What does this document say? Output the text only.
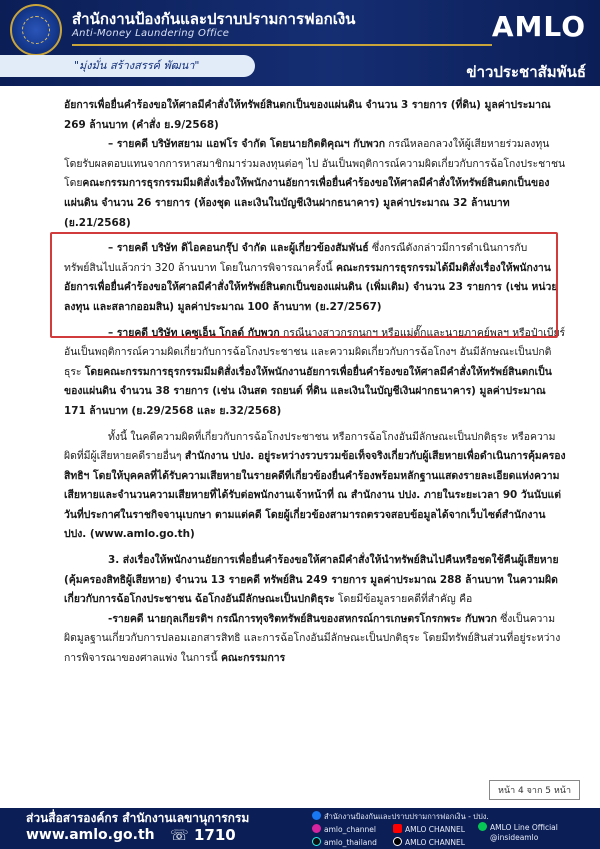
สำนักงานป้องกันและปราบปรามการฟอกเงิน
Anti-Money Laundering Office	AMLO
"มุ่งมั่น สร้างสรรค์ พัฒนา"	ข่าวประชาสัมพันธ์

อัยการเพื่อยื่นคำร้องขอให้ศาลมีคำสั่งให้ทรัพย์สินตกเป็นของแผ่นดิน จำนวน 3 รายการ (ที่ดิน) มูลค่าประมาณ 269 ล้านบาท (คำสั่ง ย.9/2568)

– รายคดี บริษัทสยาม แอฟโร จำกัด โดยนายกิตติคุณฯ กับพวก กรณีหลอกลวงให้ผู้เสียหายร่วมลงทุน โดยรับผลตอบแทนจากการหาสมาชิกมาร่วมลงทุนต่อๆ ไป อันเป็นพฤติการณ์ความผิดเกี่ยวกับการฉ้อโกงประชาชน โดยคณะกรรมการธุรกรรมมีมติสั่งเรื่องให้พนักงานอัยการเพื่อยื่นคำร้องขอให้ศาลมีคำสั่งให้ทรัพย์สินตกเป็นของแผ่นดิน จำนวน 26 รายการ (ห้องชุด และเงินในบัญชีเงินฝากธนาคาร) มูลค่าประมาณ 32 ล้านบาท (ย.21/2568)

– รายคดี บริษัท ดิไอคอนกรุ๊ป จำกัด และผู้เกี่ยวข้องสัมพันธ์ ซึ่งกรณีดังกล่าวมีการดำเนินการกับทรัพย์สินไปแล้วกว่า 320 ล้านบาท โดยในการพิจารณาครั้งนี้ คณะกรรมการธุรกรรมได้มีมติสั่งเรื่องให้พนักงานอัยการเพื่อยื่นคำร้องขอให้ศาลมีคำสั่งให้ทรัพย์สินตกเป็นของแผ่นดิน (เพิ่มเติม) จำนวน 23 รายการ (เช่น หน่วยลงทุน และสลากออมสิน) มูลค่าประมาณ 100 ล้านบาท (ย.27/2567)

– รายคดี บริษัท เคซูเอ็น โกลด์ กับพวก กรณีนางสาวกรกนกฯ หรือแม่ตั๊กและนายภาคย์พลฯ หรือป๋าเบียร์ อันเป็นพฤติการณ์ความผิดเกี่ยวกับการฉ้อโกงประชาชน และความผิดเกี่ยวกับการฉ้อโกงฯ อันมีลักษณะเป็นปกติธุระ โดยคณะกรรมการธุรกรรมมีมติสั่งเรื่องให้พนักงานอัยการเพื่อยื่นคำร้องขอให้ศาลมีคำสั่งให้ทรัพย์สินตกเป็นของแผ่นดิน จำนวน 38 รายการ (เช่น เงินสด รถยนต์ ที่ดิน และเงินในบัญชีเงินฝากธนาคาร) มูลค่าประมาณ 171 ล้านบาท (ย.29/2568 และ ย.32/2568)

ทั้งนี้ ในคดีความผิดที่เกี่ยวกับการฉ้อโกงประชาชน หรือการฉ้อโกงอันมีลักษณะเป็นปกติธุระ หรือความผิดที่มีผู้เสียหายคดีรายอื่นๆ สำนักงาน ปปง. อยู่ระหว่างรวบรวมข้อเท็จจริงเกี่ยวกับผู้เสียหายเพื่อดำเนินการคุ้มครองสิทธิฯ โดยให้บุคคลที่ได้รับความเสียหายในรายคดีที่เกี่ยวข้องยื่นคำร้องพร้อมหลักฐานแสดงรายละเอียดแห่งความเสียหายและจำนวนความเสียหายที่ได้รับต่อพนักงานเจ้าหน้าที่ ณ สำนักงาน ปปง. ภายในระยะเวลา 90 วันนับแต่วันที่ประกาศในราชกิจจานุเบกษา ตามแต่คดี โดยผู้เกี่ยวข้องสามารถตรวจสอบข้อมูลได้จากเว็บไซต์สำนักงาน ปปง. (www.amlo.go.th)

3. ส่งเรื่องให้พนักงานอัยการเพื่อยื่นคำร้องขอให้ศาลมีคำสั่งให้นำทรัพย์สินไปคืนหรือชดใช้คืนผู้เสียหาย (คุ้มครองสิทธิผู้เสียหาย) จำนวน 13 รายคดี ทรัพย์สิน 249 รายการ มูลค่าประมาณ 288 ล้านบาท ในความผิดเกี่ยวกับการฉ้อโกงประชาชน ฉ้อโกงอันมีลักษณะเป็นปกติธุระ โดยมีข้อมูลรายคดีที่สำคัญ คือ

-รายคดี นายกุลเกียรติฯ กรณีการทุจริตทรัพย์สินของสหกรณ์การเกษตรโกรกพระ กับพวก ซึ่งเป็นความผิดมูลฐานเกี่ยวกับการปลอมเอกสารสิทธิ และการฉ้อโกงอันมีลักษณะเป็นปกติธุระ โดยมีทรัพย์สินส่วนที่อยู่ระหว่างการพิจารณาของศาลแพ่ง ในการนี้ คณะกรรมการ

หน้า 4 จาก 5 หน้า
ส่วนสื่อสารองค์กร สำนักงานเลขานุการกรม
www.amlo.go.th ☏ 1710
สำนักงานป้องกันและปราบปรามการฟอกเงิน - ปปง.
amlo_channel	AMLO CHANNEL	AMLO Line Official
@insideamlo
amlo_thailand	AMLO CHANNEL
